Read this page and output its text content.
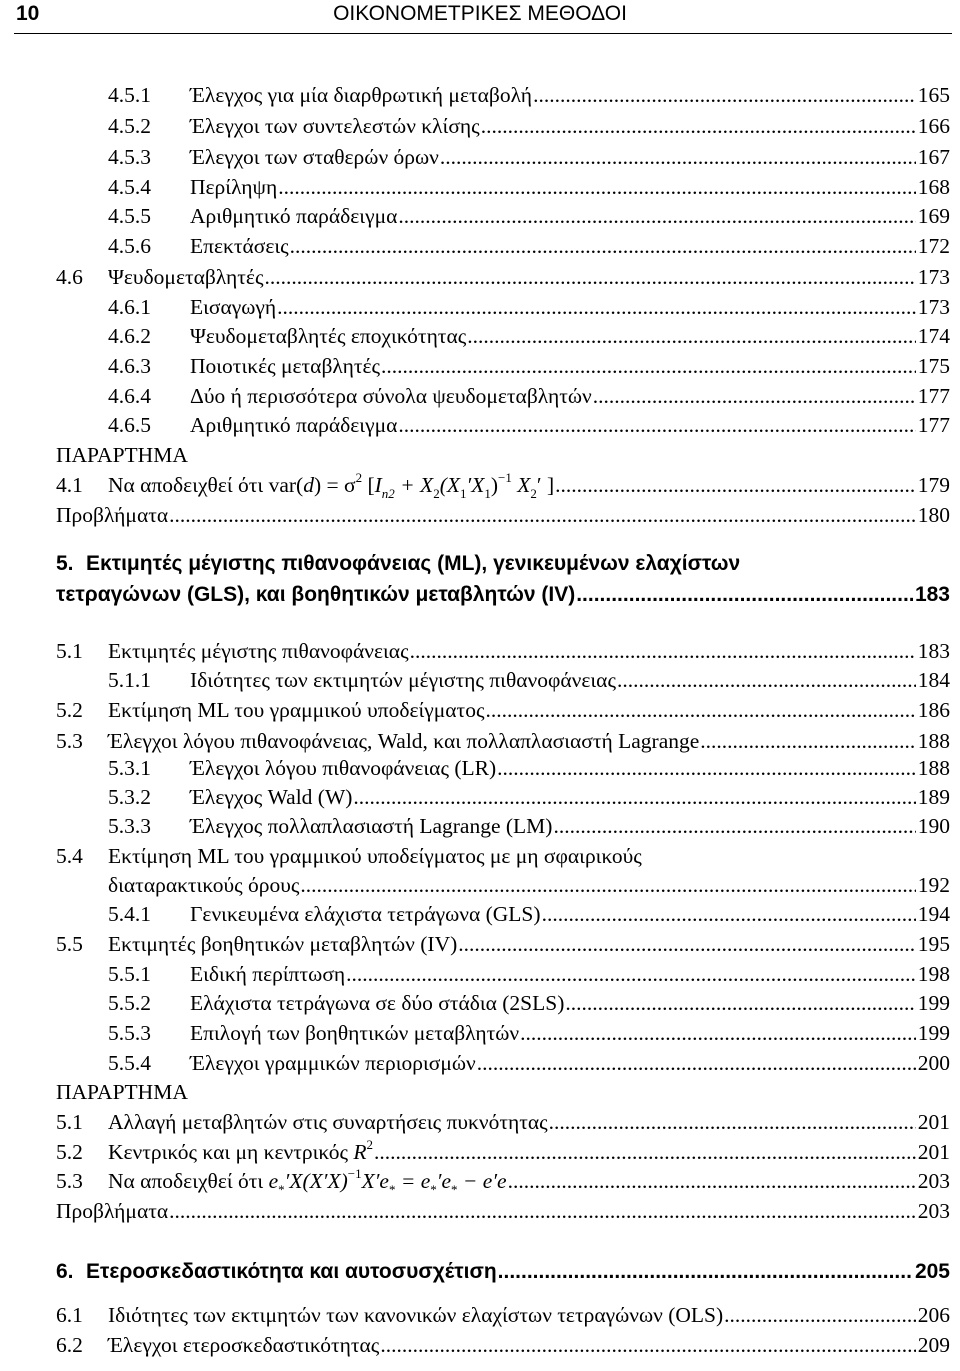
10	ΟΙΚΟΝΟΜΕΤΡΙΚΕΣ ΜΕΘΟΔΟΙ
4.5.1 Έλεγχος για μία διαρθρωτική μεταβολή .....	165
4.5.2 Έλεγχοι των συντελεστών κλίσης .....	166
4.5.3 Έλεγχοι των σταθερών όρων .....	167
4.5.4 Περίληψη .....	168
4.5.5 Αριθμητικό παράδειγμα .....	169
4.5.6 Επεκτάσεις .....	172
4.6 Ψευδομεταβλητές .....	173
4.6.1 Εισαγωγή .....	173
4.6.2 Ψευδομεταβλητές εποχικότητας .....	174
4.6.3 Ποιοτικές μεταβλητές .....	175
4.6.4 Δύο ή περισσότερα σύνολα ψευδομεταβλητών .....	177
4.6.5 Αριθμητικό παράδειγμα .....	177
ΠΑΡΑΡΤΗΜΑ
4.1 Να αποδειχθεί ότι $var(d) = \sigma^2$ [$I_{n2} + X_2(X_1'X_1)^{-1}$ $X_2'$ ] .....	179
Προβλήματα .....	180
5. Εκτιμητές μέγιστης πιθανοφάνειας (ML), γενικευμένων ελαχίστων
τετραγώνων (GLS), και βοηθητικών μεταβλητών (IV) .....	183
5.1 Εκτιμητές μέγιστης πιθανοφάνειας .....	183
5.1.1 Ιδιότητες των εκτιμητών μέγιστης πιθανοφάνειας .....	184
5.2 Εκτίμηση ML του γραμμικού υποδείγματος .....	186
5.3 Έλεγχοι λόγου πιθανοφάνειας, Wald, και πολλαπλασιαστή Lagrange .....	188
5.3.1 Έλεγχοι λόγου πιθανοφάνειας (LR) .....	188
5.3.2 Έλεγχος Wald (W) .....	189
5.3.3 Έλεγχος πολλαπλασιαστή Lagrange (LM) .....	190
5.4 Εκτίμηση ML του γραμμικού υποδείγματος με μη σφαιρικούς
διαταρακτικούς όρους .....	192
5.4.1 Γενικευμένα ελάχιστα τετράγωνα (GLS) .....	194
5.5 Εκτιμητές βοηθητικών μεταβλητών (IV) .....	195
5.5.1 Ειδική περίπτωση .....	198
5.5.2 Ελάχιστα τετράγωνα σε δύο στάδια (2SLS) .....	199
5.5.3 Επιλογή των βοηθητικών μεταβλητών .....	199
5.5.4 Έλεγχοι γραμμικών περιορισμών .....	200
ΠΑΡΑΡΤΗΜΑ
5.1 Αλλαγή μεταβλητών στις συναρτήσεις πυκνότητας .....	201
5.2 Κεντρικός και μη κεντρικός $R^2$ .....	201
5.3 Να αποδειχθεί ότι $e_*'X(X'X)^{-1}X'e_* = e_*'e_* - e'e$ .....	203
Προβλήματα .....	203
6. Ετεροσκεδαστικότητα και αυτοσυσχέτιση .....	205
6.1 Ιδιότητες των εκτιμητών των κανονικών ελαχίστων τετραγώνων (OLS) .....	206
6.2 Έλεγχοι ετεροσκεδαστικότητας .....	209
